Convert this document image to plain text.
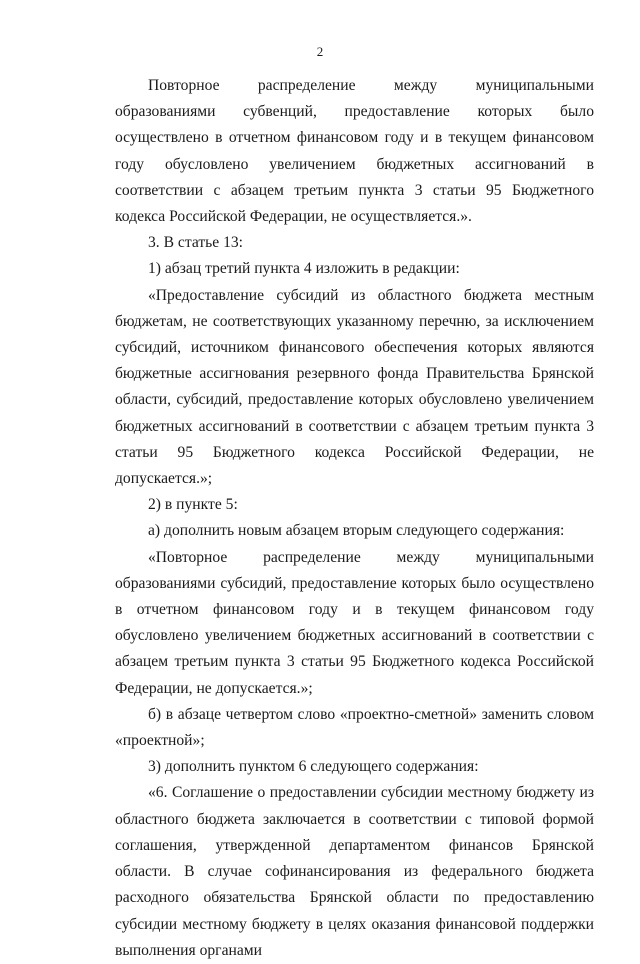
2

Повторное распределение между муниципальными образованиями субвенций, предоставление которых было осуществлено в отчетном финансовом году и в текущем финансовом году обусловлено увеличением бюджетных ассигнований в соответствии с абзацем третьим пункта 3 статьи 95 Бюджетного кодекса Российской Федерации, не осуществляется.».

3. В статье 13:

1) абзац третий пункта 4 изложить в редакции:

«Предоставление субсидий из областного бюджета местным бюджетам, не соответствующих указанному перечню, за исключением субсидий, источником финансового обеспечения которых являются бюджетные ассигнования резервного фонда Правительства Брянской области, субсидий, предоставление которых обусловлено увеличением бюджетных ассигнований в соответствии с абзацем третьим пункта 3 статьи 95 Бюджетного кодекса Российской Федерации, не допускается.»;

2) в пункте 5:

а) дополнить новым абзацем вторым следующего содержания:

«Повторное распределение между муниципальными образованиями субсидий, предоставление которых было осуществлено в отчетном финансовом году и в текущем финансовом году обусловлено увеличением бюджетных ассигнований в соответствии с абзацем третьим пункта 3 статьи 95 Бюджетного кодекса Российской Федерации, не допускается.»;

б) в абзаце четвертом слово «проектно-сметной» заменить словом «проектной»;

3) дополнить пунктом 6 следующего содержания:

«6. Соглашение о предоставлении субсидии местному бюджету из областного бюджета заключается в соответствии с типовой формой соглашения, утвержденной департаментом финансов Брянской области. В случае софинансирования из федерального бюджета расходного обязательства Брянской области по предоставлению субсидии местному бюджету в целях оказания финансовой поддержки выполнения органами
